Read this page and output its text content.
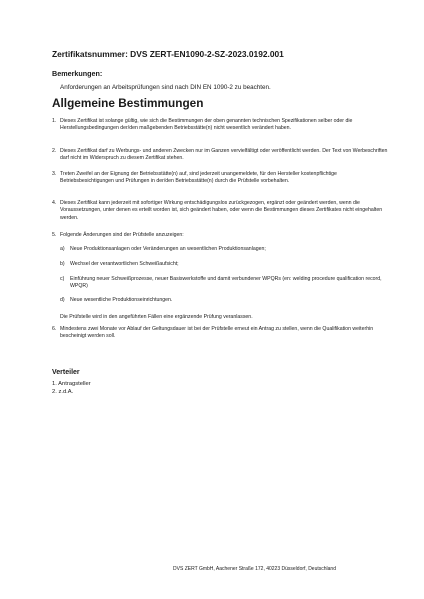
Zertifikatsnummer: DVS ZERT-EN1090-2-SZ-2023.0192.001
Bemerkungen:
Anforderungen an Arbeitsprüfungen sind nach DIN EN 1090-2 zu beachten.
Allgemeine Bestimmungen
1. Dieses Zertifikat ist solange gültig, wie sich die Bestimmungen der oben genannten technischen Spezifikationen selber oder die Herstellungsbedingungen der/den maßgebenden Betriebsstätte(n) nicht wesentlich verändert haben.
2. Dieses Zertifikat darf zu Werbungs- und anderen Zwecken nur im Ganzen vervielfältigt oder veröffentlicht werden. Der Text von Werbeschriften darf nicht im Widerspruch zu diesem Zertifikat stehen.
3. Treten Zweifel an der Eignung der Betriebsstätte(n) auf, sind jederzeit unangemeldete, für den Hersteller kostenpflichtige Betriebsbesichtigungen und Prüfungen in der/den Betriebsstätte(n) durch die Prüfstelle vorbehalten.
4. Dieses Zertifikat kann jederzeit mit sofortiger Wirkung entschädigungslos zurückgezogen, ergänzt oder geändert werden, wenn die Voraussetzungen, unter denen es erteilt worden ist, sich geändert haben, oder wenn die Bestimmungen dieses Zertifikates nicht eingehalten werden.
5. Folgende Änderungen sind der Prüfstelle anzuzeigen:
a)	Neue Produktionsanlagen oder Veränderungen an wesentlichen Produktionsanlagen;
b)	Wechsel der verantwortlichen Schweißaufsicht;
c)	Einführung neuer Schweißprozesse, neuer Basiswerkstoffe und damit verbundener WPQRs (en: welding procedure qualification record, WPQR)
d)	Neue wesentliche Produktionseinrichtungen.
Die Prüfstelle wird in den angeführten Fällen eine ergänzende Prüfung veranlassen.
6. Mindestens zwei Monate vor Ablauf der Geltungsdauer ist bei der Prüfstelle erneut ein Antrag zu stellen, wenn die Qualifikation weiterhin bescheinigt werden soll.
Verteiler
1. Antragsteller
2. z.d.A.
DVS ZERT GmbH, Aachener Straße 172, 40223 Düsseldorf, Deutschland
